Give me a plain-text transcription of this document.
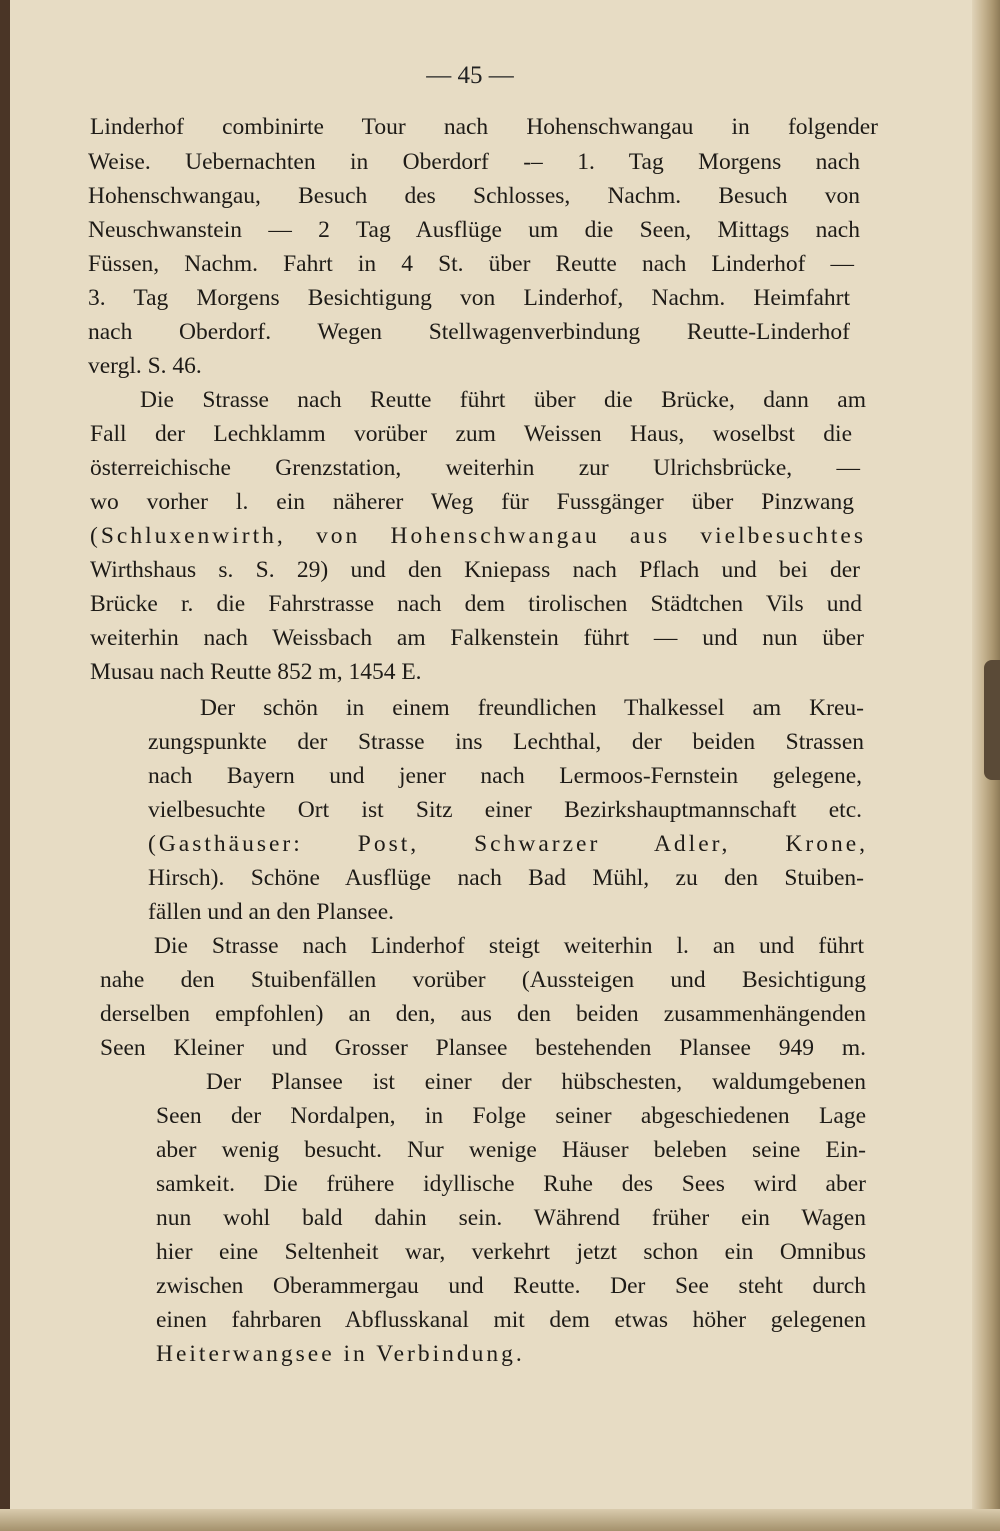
— 45 —

Linderhof combinirte Tour nach Hohenschwangau in folgender

Weise. Uebernachten in Oberdorf -– 1. Tag Morgens nach

Hohenschwangau, Besuch des Schlosses, Nachm. Besuch von

Neuschwanstein — 2 Tag Ausflüge um die Seen, Mittags nach

Füssen, Nachm. Fahrt in 4 St. über Reutte nach Linderhof —

3. Tag Morgens Besichtigung von Linderhof, Nachm. Heimfahrt

nach Oberdorf. Wegen Stellwagenverbindung Reutte-Linderhof

vergl. S. 46.

Die Strasse nach Reutte führt über die Brücke, dann am

Fall der Lechklamm vorüber zum Weissen Haus, woselbst die

österreichische Grenzstation, weiterhin zur Ulrichsbrücke, —

wo vorher l. ein näherer Weg für Fussgänger über Pinzwang

(Schluxenwirth, von Hohenschwangau aus vielbesuchtes

Wirthshaus s. S. 29) und den Kniepass nach Pflach und bei der

Brücke r. die Fahrstrasse nach dem tirolischen Städtchen Vils und

weiterhin nach Weissbach am Falkenstein führt — und nun über

Musau nach Reutte 852 m, 1454 E.

Der schön in einem freundlichen Thalkessel am Kreu-

zungspunkte der Strasse ins Lechthal, der beiden Strassen

nach Bayern und jener nach Lermoos-Fernstein gelegene,

vielbesuchte Ort ist Sitz einer Bezirkshauptmannschaft etc.

(Gasthäuser: Post, Schwarzer Adler, Krone,

Hirsch). Schöne Ausflüge nach Bad Mühl, zu den Stuiben-

fällen und an den Plansee.

Die Strasse nach Linderhof steigt weiterhin l. an und führt

nahe den Stuibenfällen vorüber (Aussteigen und Besichtigung

derselben empfohlen) an den, aus den beiden zusammenhängenden

Seen Kleiner und Grosser Plansee bestehenden Plansee 949 m.

Der Plansee ist einer der hübschesten, waldumgebenen

Seen der Nordalpen, in Folge seiner abgeschiedenen Lage

aber wenig besucht. Nur wenige Häuser beleben seine Ein-

samkeit. Die frühere idyllische Ruhe des Sees wird aber

nun wohl bald dahin sein. Während früher ein Wagen

hier eine Seltenheit war, verkehrt jetzt schon ein Omnibus

zwischen Oberammergau und Reutte. Der See steht durch

einen fahrbaren Abflusskanal mit dem etwas höher gelegenen

Heiterwangsee in Verbindung.
